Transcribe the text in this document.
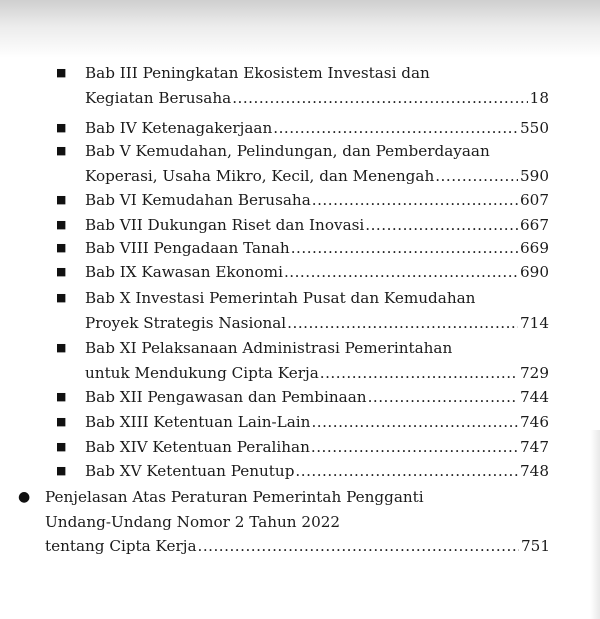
■ Bab III Peningkatan Ekosistem Investasi dan
Kegiatan Berusaha .....	18
■ Bab IV Ketenagakerjaan .....	550
■ Bab V Kemudahan, Pelindungan, dan Pemberdayaan
Koperasi, Usaha Mikro, Kecil, dan Menengah .....	590
■ Bab VI Kemudahan Berusaha .....	607
■ Bab VII Dukungan Riset dan Inovasi .....	667
■ Bab VIII Pengadaan Tanah .....	669
■ Bab IX Kawasan Ekonomi .....	690
■ Bab X Investasi Pemerintah Pusat dan Kemudahan
Proyek Strategis Nasional .....	714
■ Bab XI Pelaksanaan Administrasi Pemerintahan
untuk Mendukung Cipta Kerja .....	729
■ Bab XII Pengawasan dan Pembinaan .....	744
■ Bab XIII Ketentuan Lain-Lain .....	746
■ Bab XIV Ketentuan Peralihan .....	747
■ Bab XV Ketentuan Penutup .....	748
● Penjelasan Atas Peraturan Pemerintah Pengganti
Undang-Undang Nomor 2 Tahun 2022
tentang Cipta Kerja .....	751
